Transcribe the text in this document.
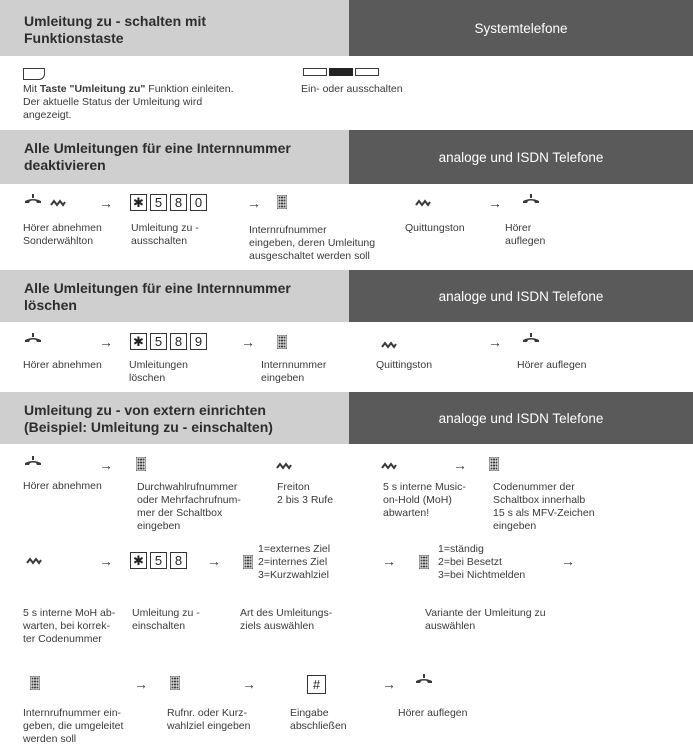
Umleitung zu - schalten mit
Funktionstaste
Systemtelefone
Mit Taste "Umleitung zu" Funktion einleiten.
Der aktuelle Status der Umleitung wird
angezeigt.
Ein- oder ausschalten
Alle Umleitungen für eine Internnummer
deaktivieren	analoge und ISDN Telefone
→ ✱ 5 8 0	→	→
Hörer abnehmen
Sonderwählton
Umleitung zu -
ausschalten
Internrufnummer
eingeben, deren Umleitung
ausgeschaltet werden soll
Quittungston	Hörer
auflegen
Alle Umleitungen für eine Internnummer
löschen
analoge und ISDN Telefone
→ ✱ 5 8 9	→	→
Hörer abnehmen	Umleitungen
löschen
Internnummer
eingeben
Quittingston	Hörer auflegen
Umleitung zu - von extern einrichten
(Beispiel: Umleitung zu - einschalten)
analoge und ISDN Telefone
→	→
Hörer abnehmen	Durchwahlrufnummer
oder Mehrfachrufnum-
mer der Schaltbox
eingeben
Freiton
2 bis 3 Rufe
5 s interne Music-
on-Hold (MoH)
abwarten!
Codenummer der
Schaltbox innerhalb
15 s als MFV-Zeichen
eingeben
→ ✱ 5 8	→
1=externes Ziel
2=internes Ziel
3=Kurzwahlziel
→
1=ständig
2=bei Besetzt
3=bei Nichtmelden
→
5 s interne MoH ab-
warten, bei korrek-
ter Codenummer
Umleitung zu -
einschalten
Art des Umleitungs-
ziels auswählen
Variante der Umleitung zu
auswählen
→	→	#	→
Internrufnummer ein-
geben, die umgeleitet
werden soll
Rufnr. oder Kurz-
wahlziel eingeben
Eingabe
abschließen
Hörer auflegen
